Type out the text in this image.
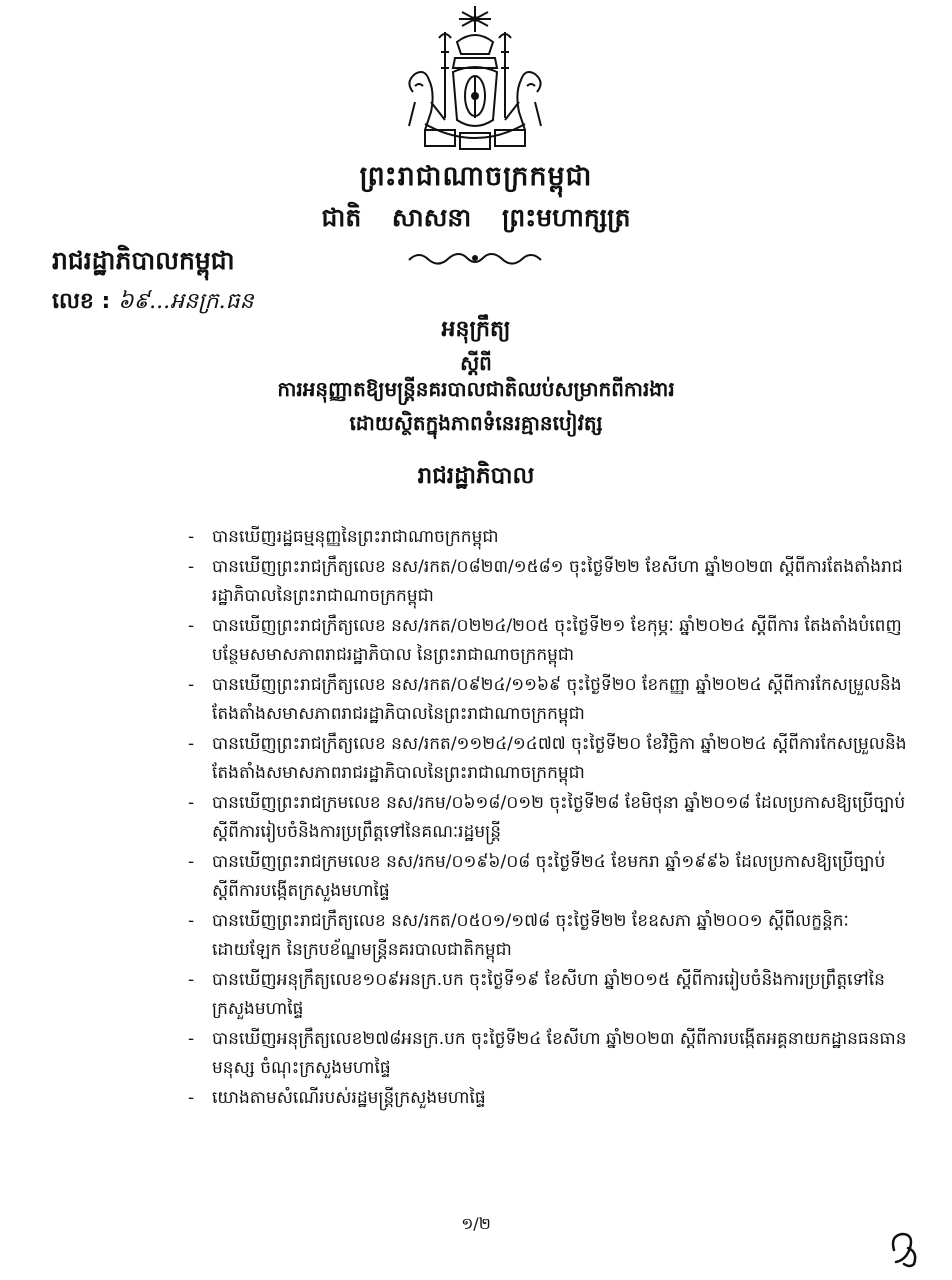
ព្រះរាជាណាចក្រកម្ពុជា
ជាតិ សាសនា ព្រះមហាក្សត្រ
រាជរដ្ឋាភិបាលកម្ពុជា
លេខ : ៦៩...អនក្រ.ធន
អនុក្រឹត្យ
ស្តីពី
ការអនុញ្ញាតឱ្យមន្ត្រីនគរបាលជាតិឈប់សម្រាកពីការងារ
ដោយស្ថិតក្នុងភាពទំនេរគ្មានបៀវត្ស
រាជរដ្ឋាភិបាល
- បានឃើញរដ្ឋធម្មនុញ្ញនៃព្រះរាជាណាចក្រកម្ពុជា
- បានឃើញព្រះរាជក្រឹត្យលេខ នស/រកត/០៨២៣/១៥៨១ ចុះថ្ងៃទី២២ ខែសីហា ឆ្នាំ២០២៣ ស្តីពីការតែងតាំងរាជរដ្ឋាភិបាលនៃព្រះរាជាណាចក្រកម្ពុជា
- បានឃើញព្រះរាជក្រឹត្យលេខ នស/រកត/០២២៤/២០៥ ចុះថ្ងៃទី២១ ខែកុម្ភៈ ឆ្នាំ២០២៤ ស្តីពីការ តែងតាំងបំពេញបន្ថែមសមាសភាពរាជរដ្ឋាភិបាល នៃព្រះរាជាណាចក្រកម្ពុជា
- បានឃើញព្រះរាជក្រឹត្យលេខ នស/រកត/០៩២៤/១១៦៩ ចុះថ្ងៃទី២០ ខែកញ្ញា ឆ្នាំ២០២៤ ស្តីពីការកែសម្រួលនិងតែងតាំងសមាសភាពរាជរដ្ឋាភិបាលនៃព្រះរាជាណាចក្រកម្ពុជា
- បានឃើញព្រះរាជក្រឹត្យលេខ នស/រកត/១១២៤/១៤៧៧ ចុះថ្ងៃទី២០ ខែវិច្ឆិកា ឆ្នាំ២០២៤ ស្តីពីការកែសម្រួលនិងតែងតាំងសមាសភាពរាជរដ្ឋាភិបាលនៃព្រះរាជាណាចក្រកម្ពុជា
- បានឃើញព្រះរាជក្រមលេខ នស/រកម/០៦១៨/០១២ ចុះថ្ងៃទី២៨ ខែមិថុនា ឆ្នាំ២០១៨ ដែលប្រកាសឱ្យប្រើច្បាប់ស្តីពីការរៀបចំនិងការប្រព្រឹត្តទៅនៃគណៈរដ្ឋមន្ត្រី
- បានឃើញព្រះរាជក្រមលេខ នស/រកម/០១៩៦/០៨ ចុះថ្ងៃទី២៤ ខែមករា ឆ្នាំ១៩៩៦ ដែលប្រកាសឱ្យប្រើច្បាប់ស្តីពីការបង្កើតក្រសួងមហាផ្ទៃ
- បានឃើញព្រះរាជក្រឹត្យលេខ នស/រកត/០៥០១/១៧៨ ចុះថ្ងៃទី២២ ខែឧសភា ឆ្នាំ២០០១ ស្តីពីលក្ខន្តិកៈដោយឡែក នៃក្របខ័ណ្ឌមន្ត្រីនគរបាលជាតិកម្ពុជា
- បានឃើញអនុក្រឹត្យលេខ១០៩អនក្រ.បក ចុះថ្ងៃទី១៩ ខែសីហា ឆ្នាំ២០១៥ ស្តីពីការរៀបចំនិងការប្រព្រឹត្តទៅនៃក្រសួងមហាផ្ទៃ
- បានឃើញអនុក្រឹត្យលេខ២៧៨អនក្រ.បក ចុះថ្ងៃទី២៤ ខែសីហា ឆ្នាំ២០២៣ ស្តីពីការបង្កើតអគ្គនាយកដ្ឋានធនធានមនុស្ស ចំណុះក្រសួងមហាផ្ទៃ
- យោងតាមសំណើរបស់រដ្ឋមន្ត្រីក្រសួងមហាផ្ទៃ
១/២
